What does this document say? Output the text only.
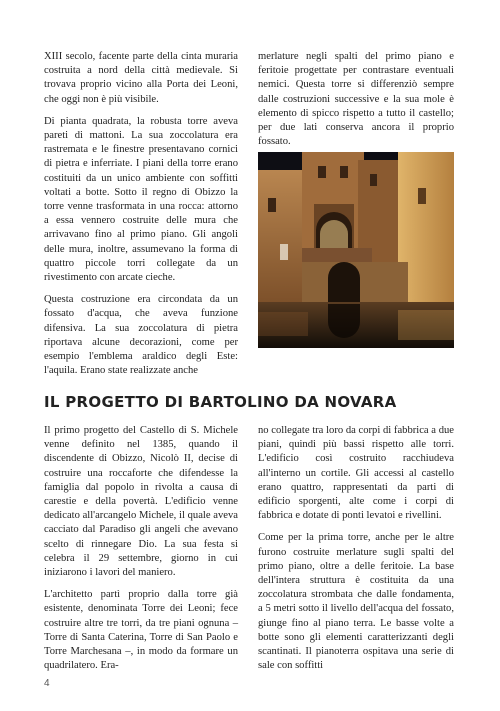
XIII secolo, facente parte della cinta muraria costruita a nord della città medievale. Si trovava proprio vicino alla Porta dei Leoni, che oggi non è più visibile.

Di pianta quadrata, la robusta torre aveva pareti di mattoni. La sua zoccolatura era rastremata e le finestre presentavano cornici di pietra e inferriate. I piani della torre erano costituiti da un unico ambiente con soffitti voltati a botte. Sotto il regno di Obizzo la torre venne trasformata in una rocca: attorno a essa vennero costruite delle mura che arrivavano fino al primo piano. Gli angoli delle mura, inoltre, assumevano la forma di quattro piccole torri collegate da un rivestimento con arcate cieche.

Questa costruzione era circondata da un fossato d'acqua, che aveva funzione difensiva. La sua zoccolatura di pietra riportava alcune decorazioni, come per esempio l'emblema araldico degli Este: l'aquila. Erano state realizzate anche

merlature negli spalti del primo piano e feritoie progettate per contrastare eventuali nemici. Questa torre si differenziò sempre dalle costruzioni successive e la sua mole è elemento di spicco rispetto a tutto il castello; per due lati conserva ancora il proprio fossato.

IL PROGETTO DI BARTOLINO DA NOVARA

Il primo progetto del Castello di S. Michele venne definito nel 1385, quando il discendente di Obizzo, Nicolò II, decise di costruire una roccaforte che difendesse la famiglia dal popolo in rivolta a causa di carestie e della povertà. L'edificio venne dedicato all'arcangelo Michele, il quale aveva cacciato dal Paradiso gli angeli che avevano scelto di rinnegare Dio. La sua festa si celebra il 29 settembre, giorno in cui iniziarono i lavori del maniero.

L'architetto partì proprio dalla torre già esistente, denominata Torre dei Leoni; fece costruire altre tre torri, da tre piani ognuna – Torre di Santa Caterina, Torre di San Paolo e Torre Marchesana –, in modo da formare un quadrilatero. Era-

no collegate tra loro da corpi di fabbrica a due piani, quindi più bassi rispetto alle torri. L'edificio così costruito racchiudeva all'interno un cortile. Gli accessi al castello erano quattro, rappresentati da parti di edificio sporgenti, alte come i corpi di fabbrica e dotate di ponti levatoi e rivellini.

Come per la prima torre, anche per le altre furono costruite merlature sugli spalti del primo piano, oltre a delle feritoie. La base dell'intera struttura è costituita da una zoccolatura strombata che dalle fondamenta, a 5 metri sotto il livello dell'acqua del fossato, giunge fino al piano terra. Le basse volte a botte sono gli elementi caratterizzanti degli scantinati. Il pianoterra ospitava una serie di sale con soffitti

4
